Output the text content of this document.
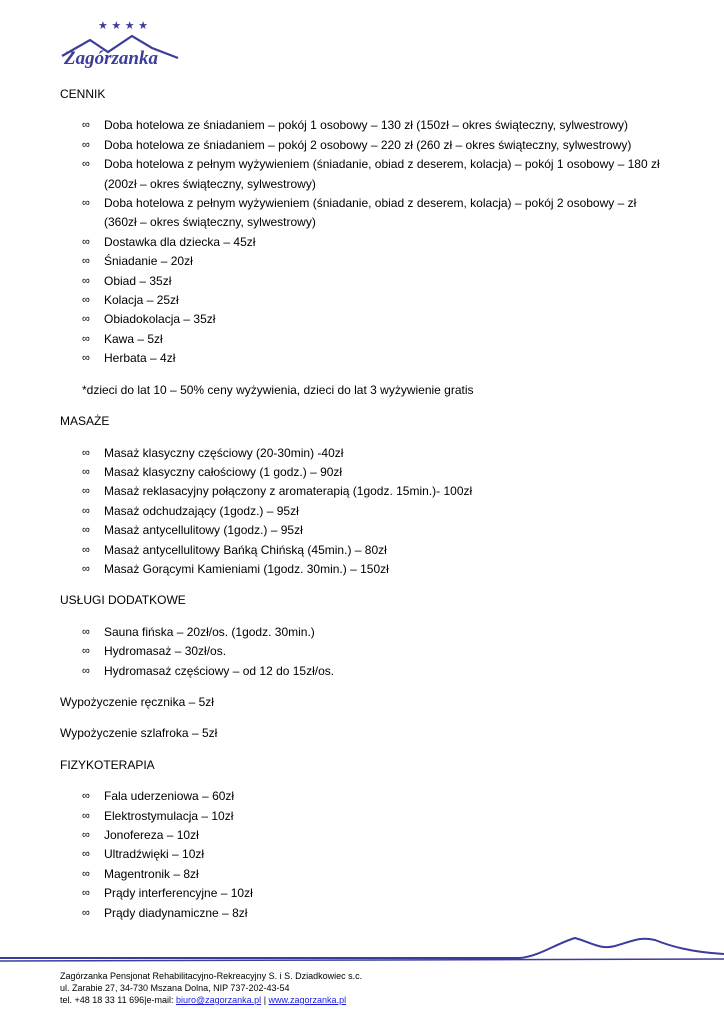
★ ★ ★ ★
Zagórzanka

CENNIK

∞ Doba hotelowa ze śniadaniem – pokój 1 osobowy – 130 zł (150zł – okres świąteczny, sylwestrowy)
∞ Doba hotelowa ze śniadaniem – pokój 2 osobowy – 220 zł (260 zł – okres świąteczny, sylwestrowy)
∞ Doba hotelowa z pełnym wyżywieniem (śniadanie, obiad z deserem, kolacja) – pokój 1 osobowy – 180 zł (200zł – okres świąteczny, sylwestrowy)
∞ Doba hotelowa z pełnym wyżywieniem (śniadanie, obiad z deserem, kolacja) – pokój 2 osobowy – zł (360zł – okres świąteczny, sylwestrowy)
∞ Dostawka dla dziecka – 45zł
∞ Śniadanie – 20zł
∞ Obiad – 35zł
∞ Kolacja – 25zł
∞ Obiadokolacja – 35zł
∞ Kawa – 5zł
∞ Herbata – 4zł

*dzieci do lat 10 – 50% ceny wyżywienia, dzieci do lat 3 wyżywienie gratis

MASAŻE

∞ Masaż klasyczny częściowy (20-30min) -40zł
∞ Masaż klasyczny całościowy (1 godz.) – 90zł
∞ Masaż reklasacyjny połączony z aromaterapią (1godz. 15min.)- 100zł
∞ Masaż odchudzający (1godz.) – 95zł
∞ Masaż antycellulitowy (1godz.) – 95zł
∞ Masaż antycellulitowy Bańką Chińską (45min.) – 80zł
∞ Masaż Gorącymi Kamieniami (1godz. 30min.) – 150zł

USŁUGI DODATKOWE

∞ Sauna fińska – 20zł/os. (1godz. 30min.)
∞ Hydromasaż – 30zł/os.
∞ Hydromasaż częściowy – od 12 do 15zł/os.

Wypożyczenie ręcznika – 5zł

Wypożyczenie szlafroka – 5zł

FIZYKOTERAPIA

∞ Fala uderzeniowa – 60zł
∞ Elektrostymulacja – 10zł
∞ Jonofereza – 10zł
∞ Ultradźwięki – 10zł
∞ Magentronik – 8zł
∞ Prądy interferencyjne – 10zł
∞ Prądy diadynamiczne – 8zł
Zagórzanka Pensjonat Rehabilitacyjno-Rekreacyjny S. i S. Dziadkowiec s.c.
ul. Zarabie 27, 34-730 Mszana Dolna, NIP 737-202-43-54
tel. +48 18 33 11 696|e-mail: biuro@zagorzanka.pl | www.zagorzanka.pl
